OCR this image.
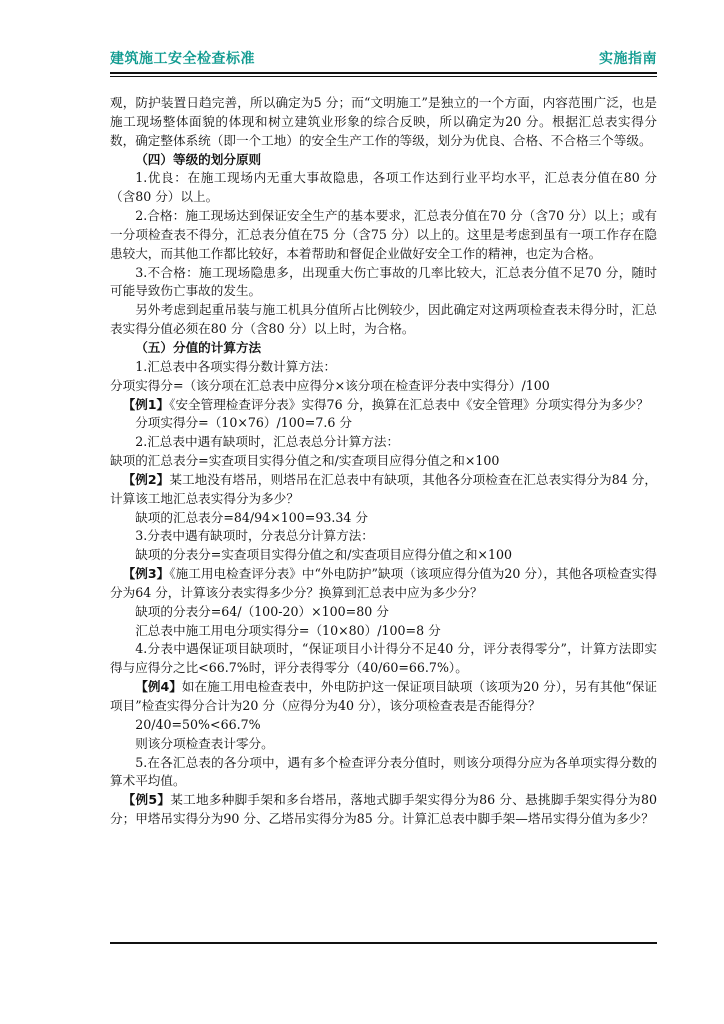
建筑施工安全检查标准	实施指南

观，防护装置日趋完善，所以确定为5 分；而“文明施工”是独立的一个方面，内容范围广泛，也是施工现场整体面貌的体现和树立建筑业形象的综合反映，所以确定为20 分。根据汇总表实得分数，确定整体系统（即一个工地）的安全生产工作的等级，划分为优良、合格、不合格三个等级。

（四）等级的划分原则

1.优良：在施工现场内无重大事故隐患，各项工作达到行业平均水平，汇总表分值在80 分（含80 分）以上。

2.合格：施工现场达到保证安全生产的基本要求，汇总表分值在70 分（含70 分）以上；或有一分项检查表不得分，汇总表分值在75 分（含75 分）以上的。这里是考虑到虽有一项工作存在隐患较大，而其他工作都比较好，本着帮助和督促企业做好安全工作的精神，也定为合格。

3.不合格：施工现场隐患多，出现重大伤亡事故的几率比较大，汇总表分值不足70 分，随时可能导致伤亡事故的发生。

另外考虑到起重吊装与施工机具分值所占比例较少，因此确定对这两项检查表未得分时，汇总表实得分值必须在80 分（含80 分）以上时，为合格。

（五）分值的计算方法

1.汇总表中各项实得分数计算方法：

分项实得分=（该分项在汇总表中应得分×该分项在检查评分表中实得分）/100

【例1】《安全管理检查评分表》实得76 分，换算在汇总表中《安全管理》分项实得分为多少？

分项实得分=（10×76）/100=7.6 分

2.汇总表中遇有缺项时，汇总表总分计算方法：

缺项的汇总表分=实查项目实得分值之和/实查项目应得分值之和×100

【例2】某工地没有塔吊，则塔吊在汇总表中有缺项，其他各分项检查在汇总表实得分为84 分，计算该工地汇总表实得分为多少？

缺项的汇总表分=84/94×100=93.34 分

3.分表中遇有缺项时，分表总分计算方法：

缺项的分表分=实查项目实得分值之和/实查项目应得分值之和×100

【例3】《施工用电检查评分表》中“外电防护”缺项（该项应得分值为20 分），其他各项检查实得分为64 分，计算该分表实得多少分？换算到汇总表中应为多少分？

缺项的分表分=64/（100-20）×100=80 分

汇总表中施工用电分项实得分=（10×80）/100=8 分

4.分表中遇保证项目缺项时，“保证项目小计得分不足40 分，评分表得零分”，计算方法即实得与应得分之比<66.7%时，评分表得零分（40/60=66.7%）。

【例4】如在施工用电检查表中，外电防护这一保证项目缺项（该项为20 分），另有其他“保证项目”检查实得分合计为20 分（应得分为40 分），该分项检查表是否能得分？

20/40=50%<66.7%

则该分项检查表计零分。

5.在各汇总表的各分项中，遇有多个检查评分表分值时，则该分项得分应为各单项实得分数的算术平均值。

【例5】某工地多种脚手架和多台塔吊，落地式脚手架实得分为86 分、悬挑脚手架实得分为80 分；甲塔吊实得分为90 分、乙塔吊实得分为85 分。计算汇总表中脚手架—塔吊实得分值为多少？
